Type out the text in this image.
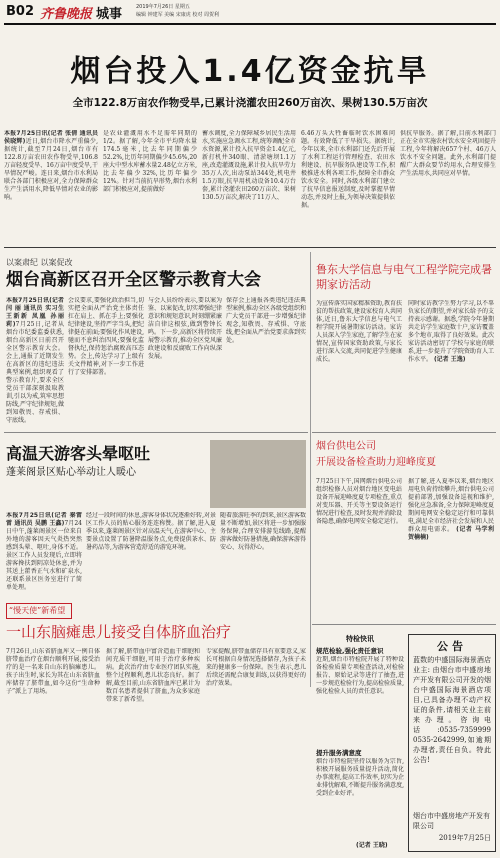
B02 齐鲁晚报 城事	2019年7月26日 星期五
编辑 钟建军 美编 宋康虎 校对 周贺利
烟台投入1.4亿资金抗旱
全市122.8万亩农作物受旱,已累计浇灌农田260万亩次、果树130.5万亩次
本报7月25日讯(记者 张倩 通讯员 侯晓辉)近日,烟台市降水严重偏少,据统计,截至7月24日,烟台市有122.8万亩农田农作物受旱,106.8万亩轻度受旱、16万亩中度受旱,干旱情况严峻。连日来,烟台市水利局联合各部门积极应对,全力保障群众生产生活用水,降低旱情对农业的影响。
是农业灌溉用水不足需年同期的1/2。据了解,今年全市平均降水量174.5毫米,比去年同期偏少52.2%,比历年同期偏少45.6%,20座大中型水库蓄水量2.48亿立方米,比去年偏少32%,比历年偏少12%。针对当前抗旱形势,烟台水利部门积极应对,提前做好
蓄水调度,全力保障城乡居民生活用水,实施应急调水工程,统筹调配全市水资源,累计投入抗旱资金1.4亿元,新打机井340眼、清淤塘坝1.1万座,改造灌溉设施,累计投入抗旱劳力35万人次,出动泵站344处,机电井1.5万眼,抗旱用机动设备10.4万台套,累计浇灌农田260万亩次、果树130.5万亩次,解决了11万人、
6.46万头大牲畜临时饮水困难问题。有效降低了干旱损失。据统计,今年以来,全市水利部门还先后开展了水利工程运行管理检查、农田水利建设、抗旱服务队建设等工作,积极推进水利各项工作,保障全市群众饮水安全。同时,各级水利部门建立了抗旱信息报送制度,及时掌握旱情动态,并及时上报,为领导决策提供依据。
供抗旱服务。据了解,目前水利部门正在全市实施农村饮水安全巩固提升工程,今年将解决657个村、46万人饮水不安全问题。此外,水利部门提醒广大群众要节约用水,合理安排生产生活用水,共同应对旱情。
以案肃纪 以案促改
烟台高新区召开全区警示教育大会
本报7月25日讯(记者 闫 丽 通讯员 实习生 王新新 凤凰 孙丽莉)7月25日,记者从烟台市纪委监委获悉,烟台高新区日前召开全区警示教育大会。会上,通报了近期发生在高新区的违纪违法典型案例,组织观看了警示教育片,要求全区党员干部深刻汲取教训,引以为戒,筑牢思想防线,严守纪律规矩,做到知敬畏、存戒惧、守底线。
会议要求,要强化政治担当,切实把全面从严治党主体责任扛在肩上、抓在手上;要强化纪律建设,坚持严字当头,把纪律挺在前面;要强化作风建设,驰而不息纠治四风;要强化监督执纪,保持惩治腐败高压态势。会上,传达学习了上级有关文件精神,对下一步工作进行了安排部署。
与会人员纷纷表示,要以案为鉴、以案促改,切实增强纪律意识和规矩意识,时刻绷紧廉洁自律这根弦,做到警钟长鸣。下一步,高新区将持续开展警示教育,推动全区党风廉政建设和反腐败工作向纵深发展。
保存会上通报各类违纪违法典型案例,推动全区各级党组织和广大党员干部进一步增强纪律观念,知敬畏、存戒惧、守底线,把全面从严治党要求落到实处。
鲁东大学信息与电气工程学院完成暑期家访活动
为宣传落实国家精准资助,教育扶贫的帮扶政策,建设家校育人共同体,近日,鲁东大学信息与电气工程学院开展暑期家访活动。家访人员深入学生家庭,了解学生在家情况,宣传国家资助政策,与家长进行深入交流,共同促进学生健康成长。
同时家访教学生努力学习,以不辜负家长的期望,并对家长给予的支持表示感谢。据悉,学院今年暑期共走访学生家庭数十户,家访覆盖多个地市,取得了良好效果。此次家访活动密切了学校与家庭的联系,进一步提升了学院资助育人工作水平。 (记者 王逸)
高温天游客头晕呕吐
蓬莱阁景区贴心举动让人暖心
本报7月25日讯(记者 秦雷雷 通讯员 吴鹏 王鑫)7月24日中午,蓬莱阁景区一位来自外地的游客因天气炎热突然感到头晕、呕吐,身体不适。景区工作人员发现后,立即将游客搀扶到阴凉处休息,并为其送上藿香正气水和矿泉水,还联系景区医务室进行了简单处理。
经过一段时间的休息,游客身体状况逐渐好转,对景区工作人员的贴心服务连连称赞。据了解,进入夏季以来,蓬莱阁景区针对高温天气,在游客中心、主要景点设置了防暑降温服务点,免费提供茶水、防暑药品等,为游客营造舒适的游览环境。
随着旅游旺季的到来,景区游客数量不断增加,景区将进一步加强服务保障,合理安排游览线路,提醒游客做好防暑措施,确保游客游得安心、玩得舒心。
“慢天使”新希望
一山东脑瘫患儿接受自体脐血治疗
7月26日,山东省脐血库又一例自体脐带血治疗在烟台顺利开展,接受治疗的是一名来自山东的脑瘫患儿。孩子出生时,家长为其在山东省脐血库储存了脐带血,如今这份“生命种子”派上了用场。
据了解,脐带血中富含造血干细胞和间充质干细胞,可用于治疗多种疾病。此次治疗由专业医疗团队实施,整个过程顺利,患儿状态良好。据了解,截至目前,山东省脐血库已累计为数百名患者提供了脐血,为众多家庭带来了新希望。
专家提醒,脐带血储存具有重要意义,家长可根据自身情况选择储存,为孩子未来的健康多一份保障。医生表示,患儿后续还需配合康复训练,以获得更好的治疗效果。
烟台供电公司
开展设备检查助力迎峰度夏
7月25日下午,国网烟台供电公司组织检修人员对烟台地区变电站设备开展迎峰度夏专项检查,重点对变压器、开关等主要设备运行情况进行检查,及时发现并消除设备隐患,确保电网安全稳定运行。
据了解,进入夏季以来,烟台地区用电负荷持续攀升,烟台供电公司提前部署,加强设备巡视和维护,强化应急准备,全力保障迎峰度夏期间电网安全稳定运行和可靠供电,满足全市经济社会发展和人民群众用电需求。 (记者 马学利 贺楠楠)
特检快讯
规范检验,强化责任意识
近期,烟台市特检院开展了特种设备检验质量专项检查活动,对检验报告、原始记录等进行了抽查,进一步规范检验行为,提高检验质量,强化检验人员的责任意识。
提升服务满意度
烟台市特检院坚持以服务为宗旨,积极开展服务质量提升活动,简化办事流程,提高工作效率,切实为企业排忧解难,不断提升服务满意度,受到企业好评。
(记者 王晓)
公告
蓝数的中盛国际海景酒店业主: 由烟台市中盛房地产开发有限公司开发的烟台中盛国际海景酒店项目,已具备办理不动产权证的条件,请相关业主前来办理。咨询电话:0535-7359999 0535-2642999,如逾期办理者,责任自负。特此公告!
烟台市中盛房地产开发有限公司
2019年7月25日
